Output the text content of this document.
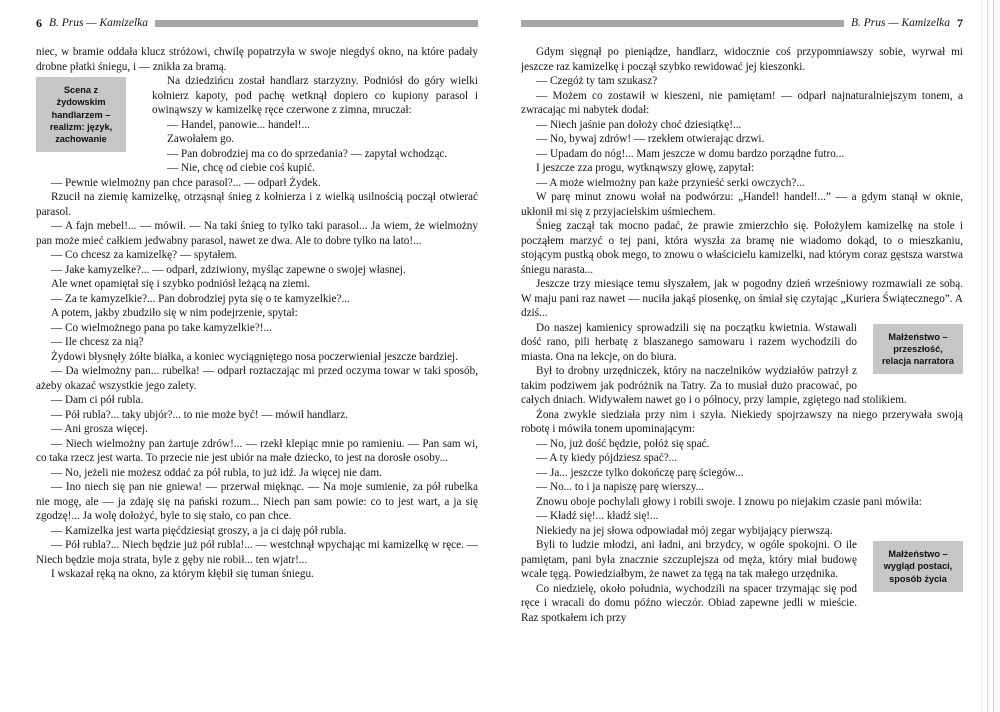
6 B. Prus — Kamizelka

niec, w bramie oddała klucz stróżowi, chwilę popatrzyła w swoje niegdyś okno, na które padały drobne płatki śniegu, i — znikła za bramą.

Scena z żydowskim handlarzem – realizm: język, zachowanie

Na dziedzińcu został handlarz starzyzny. Podniósł do góry wielki kołnierz kapoty, pod pachę wetknął dopiero co kupiony parasol i owinąwszy w kamizelkę ręce czerwone z zimna, mruczał:

— Handel, panowie... handel!...

Zawołałem go.

— Pan dobrodziej ma co do sprzedania? — zapytał wchodząc.

— Nie, chcę od ciebie coś kupić.

— Pewnie wielmożny pan chce parasol?... — odparł Żydek.

Rzucił na ziemię kamizelkę, otrząsnął śnieg z kołnierza i z wielką usilnością począł otwierać parasol.

— A fajn mebel!... — mówił. — Na taki śnieg to tylko taki parasol... Ja wiem, że wielmożny pan może mieć całkiem jedwabny parasol, nawet ze dwa. Ale to dobre tylko na lato!...

— Co chcesz za kamizelkę? — spytałem.

— Jake kamyzelke?... — odparł, zdziwiony, myśląc zapewne o swojej własnej.

Ale wnet opamiętał się i szybko podniósł leżącą na ziemi.

— Za te kamyzelkie?... Pan dobrodziej pyta się o te kamyzelkie?...

A potem, jakby zbudziło się w nim podejrzenie, spytał:

— Co wielmożnego pana po take kamyzelkie?!...

— Ile chcesz za nią?

Żydowi błysnęły żółte białka, a koniec wyciągniętego nosa poczerwieniał jeszcze bardziej.

— Da wielmożny pan... rubelka! — odparł roztaczając mi przed oczyma towar w taki sposób, ażeby okazać wszystkie jego zalety.

— Dam ci pół rubla.

— Pół rubla?... taky ubjór?... to nie może być! — mówił handlarz.

— Ani grosza więcej.

— Niech wielmożny pan żartuje zdrów!... — rzekł klepiąc mnie po ramieniu. — Pan sam wi, co taka rzecz jest warta. To przecie nie jest ubiór na małe dziecko, to jest na dorosłe osoby...

— No, jeżeli nie możesz oddać za pół rubla, to już idź. Ja więcej nie dam.

— Ino niech się pan nie gniewa! — przerwał mięknąc. — Na moje sumienie, za pół rubelka nie mogę, ale — ja zdaję się na pański rozum... Niech pan sam powie: co to jest wart, a ja się zgodzę!... Ja wolę dołożyć, byle to się stało, co pan chce.

— Kamizelka jest warta pięćdziesiąt groszy, a ja ci daję pół rubla.

— Pół rubla?... Niech będzie już pół rubla!... — westchnął wpychając mi kamizelkę w ręce. — Niech będzie moja strata, byle z gęby nie robił... ten wjatr!...

I wskazał ręką na okno, za którym kłębił się tuman śniegu.

B. Prus — Kamizelka 7

Gdym sięgnął po pieniądze, handlarz, widocznie coś przypomniawszy sobie, wyrwał mi jeszcze raz kamizelkę i począł szybko rewidować jej kieszonki.

— Czegóż ty tam szukasz?

— Możem co zostawił w kieszeni, nie pamiętam! — odparł najnaturalniejszym tonem, a zwracając mi nabytek dodał:

— Niech jaśnie pan dołoży choć dziesiątkę!...

— No, bywaj zdrów! — rzekłem otwierając drzwi.

— Upadam do nóg!... Mam jeszcze w domu bardzo porządne futro...

I jeszcze zza progu, wytknąwszy głowę, zapytał:

— A może wielmożny pan każe przynieść serki owczych?...

W parę minut znowu wołał na podwórzu: „Handel! handel!...” — a gdym stanął w oknie, ukłonił mi się z przyjacielskim uśmiechem.

Śnieg zaczął tak mocno padać, że prawie zmierzchło się. Położyłem kamizelkę na stole i począłem marzyć o tej pani, która wyszła za bramę nie wiadomo dokąd, to o mieszkaniu, stojącym pustką obok mego, to znowu o właścicielu kamizelki, nad którym coraz gęstsza warstwa śniegu narasta...

Jeszcze trzy miesiące temu słyszałem, jak w pogodny dzień wrześniowy rozmawiali ze sobą. W maju pani raz nawet — nuciła jakąś piosenkę, on śmiał się czytając „Kuriera Świątecznego”. A dziś...

Małżeństwo – przeszłość, relacja narratora

Do naszej kamienicy sprowadzili się na początku kwietnia. Wstawali dość rano, pili herbatę z blaszanego samowaru i razem wychodzili do miasta. Ona na lekcje, on do biura.

Był to drobny urzędniczek, który na naczelników wydziałów patrzył z takim podziwem jak podróżnik na Tatry. Za to musiał dużo pracować, po całych dniach. Widywałem nawet go i o północy, przy lampie, zgiętego nad stolikiem.

Żona zwykle siedziała przy nim i szyła. Niekiedy spojrzawszy na niego przerywała swoją robotę i mówiła tonem upominającym:

— No, już dość będzie, połóż się spać.

— A ty kiedy pójdziesz spać?...

— Ja... jeszcze tylko dokończę parę ściegów...

— No... to i ja napiszę parę wierszy...

Znowu oboje pochylali głowy i robili swoje. I znowu po niejakim czasie pani mówiła:

— Kładź się!... kładź się!...

Niekiedy na jej słowa odpowiadał mój zegar wybijający pierwszą.

Małżeństwo – wygląd postaci, sposób życia

Byli to ludzie młodzi, ani ładni, ani brzydcy, w ogóle spokojni. O ile pamiętam, pani była znacznie szczuplejsza od męża, który miał budowę wcale tęgą. Powiedziałbym, że nawet za tęgą na tak małego urzędnika.

Co niedzielę, około południa, wychodzili na spacer trzymając się pod ręce i wracali do domu późno wieczór. Obiad zapewne jedli w mieście. Raz spotkałem ich przy
